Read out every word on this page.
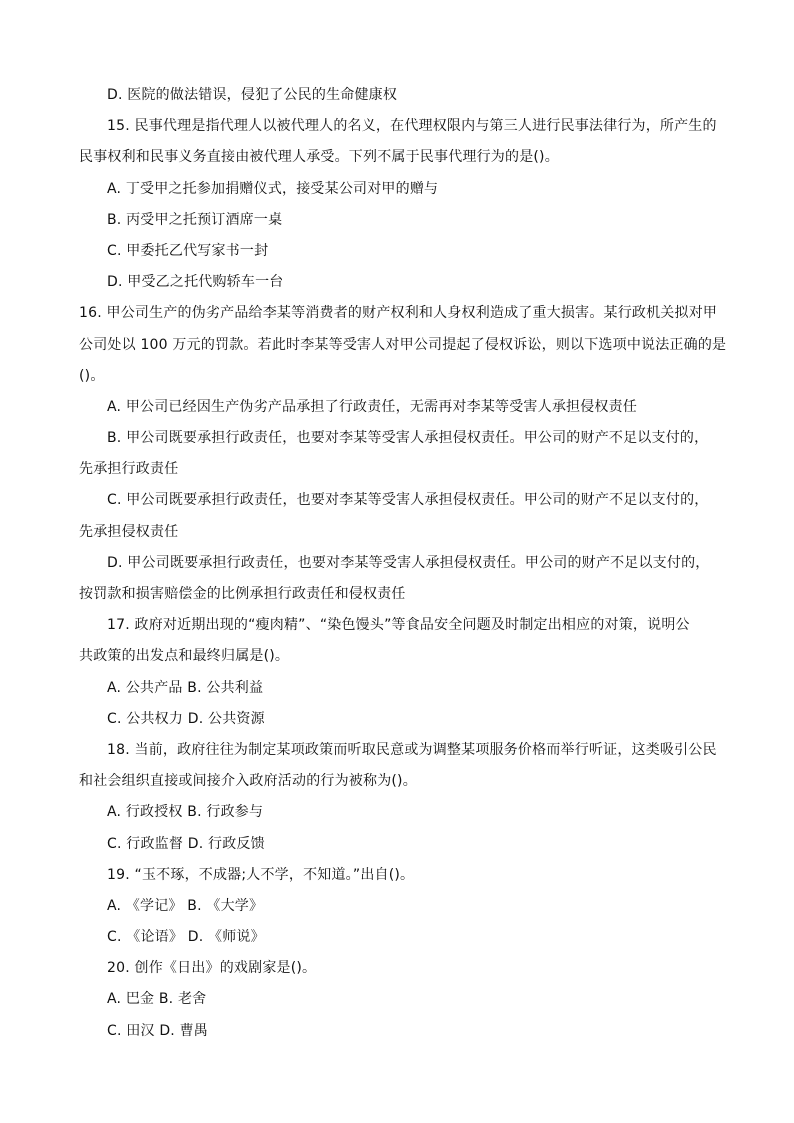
D. 医院的做法错误，侵犯了公民的生命健康权
15. 民事代理是指代理人以被代理人的名义，在代理权限内与第三人进行民事法律行为，所产生的
民事权利和民事义务直接由被代理人承受。下列不属于民事代理行为的是()。
A. 丁受甲之托参加捐赠仪式，接受某公司对甲的赠与
B. 丙受甲之托预订酒席一桌
C. 甲委托乙代写家书一封
D. 甲受乙之托代购轿车一台
16. 甲公司生产的伪劣产品给李某等消费者的财产权利和人身权利造成了重大损害。某行政机关拟对甲
公司处以 100 万元的罚款。若此时李某等受害人对甲公司提起了侵权诉讼，则以下选项中说法正确的是
()。
A. 甲公司已经因生产伪劣产品承担了行政责任，无需再对李某等受害人承担侵权责任
B. 甲公司既要承担行政责任，也要对李某等受害人承担侵权责任。甲公司的财产不足以支付的，
先承担行政责任
C. 甲公司既要承担行政责任，也要对李某等受害人承担侵权责任。甲公司的财产不足以支付的，
先承担侵权责任
D. 甲公司既要承担行政责任，也要对李某等受害人承担侵权责任。甲公司的财产不足以支付的，
按罚款和损害赔偿金的比例承担行政责任和侵权责任
17. 政府对近期出现的“瘦肉精”、“染色馒头”等食品安全问题及时制定出相应的对策，说明公
共政策的出发点和最终归属是()。
A. 公共产品 B. 公共利益
C. 公共权力 D. 公共资源
18. 当前，政府往往为制定某项政策而听取民意或为调整某项服务价格而举行听证，这类吸引公民
和社会组织直接或间接介入政府活动的行为被称为()。
A. 行政授权 B. 行政参与
C. 行政监督 D. 行政反馈
19. “玉不琢，不成器;人不学，不知道。”出自()。
A. 《学记》 B. 《大学》
C. 《论语》 D. 《师说》
20. 创作《日出》的戏剧家是()。
A. 巴金 B. 老舍
C. 田汉 D. 曹禺
